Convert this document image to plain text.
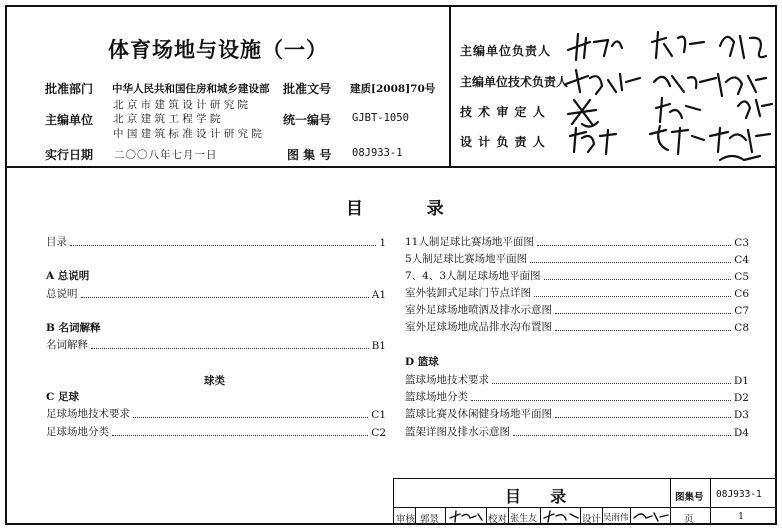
体育场地与设施（一）
批准部门 中华人民共和国住房和城乡建设部 批准文号 建质[2008]70号
主编单位
北 京 市 建 筑 设 计 研 究 院
北 京 建 筑 工 程 学 院
中 国 建 筑 标 准 设 计 研 究 院
统一编号 GJBT-1050
实行日期 二〇〇八年七月一日	图 集 号 08J933-1
主编单位负责人
主编单位技术负责人
技 术 审 定 人
设 计 负 责 人
目    录
目录	1
A 总说明
总说明	A1
B 名词解释
名词解释	B1
球类
C 足球
足球场地技术要求	C1
足球场地分类	C2
11人制足球比赛场地平面图	C3
5人制足球比赛场地平面图	C4
7、4、3人制足球场地平面图	C5
室外装卸式足球门节点详图	C6
室外足球场地喷洒及排水示意图	C7
室外足球场地成品排水沟布置图	C8
D 篮球
篮球场地技术要求	D1
篮球场地分类	D2
篮球比赛及休闲健身场地平面图	D3
篮架详图及排水示意图	D4
目  录	图集号 08J933-1
审核 郭景	校对 张生友	设计 吴雨伟	页	1
